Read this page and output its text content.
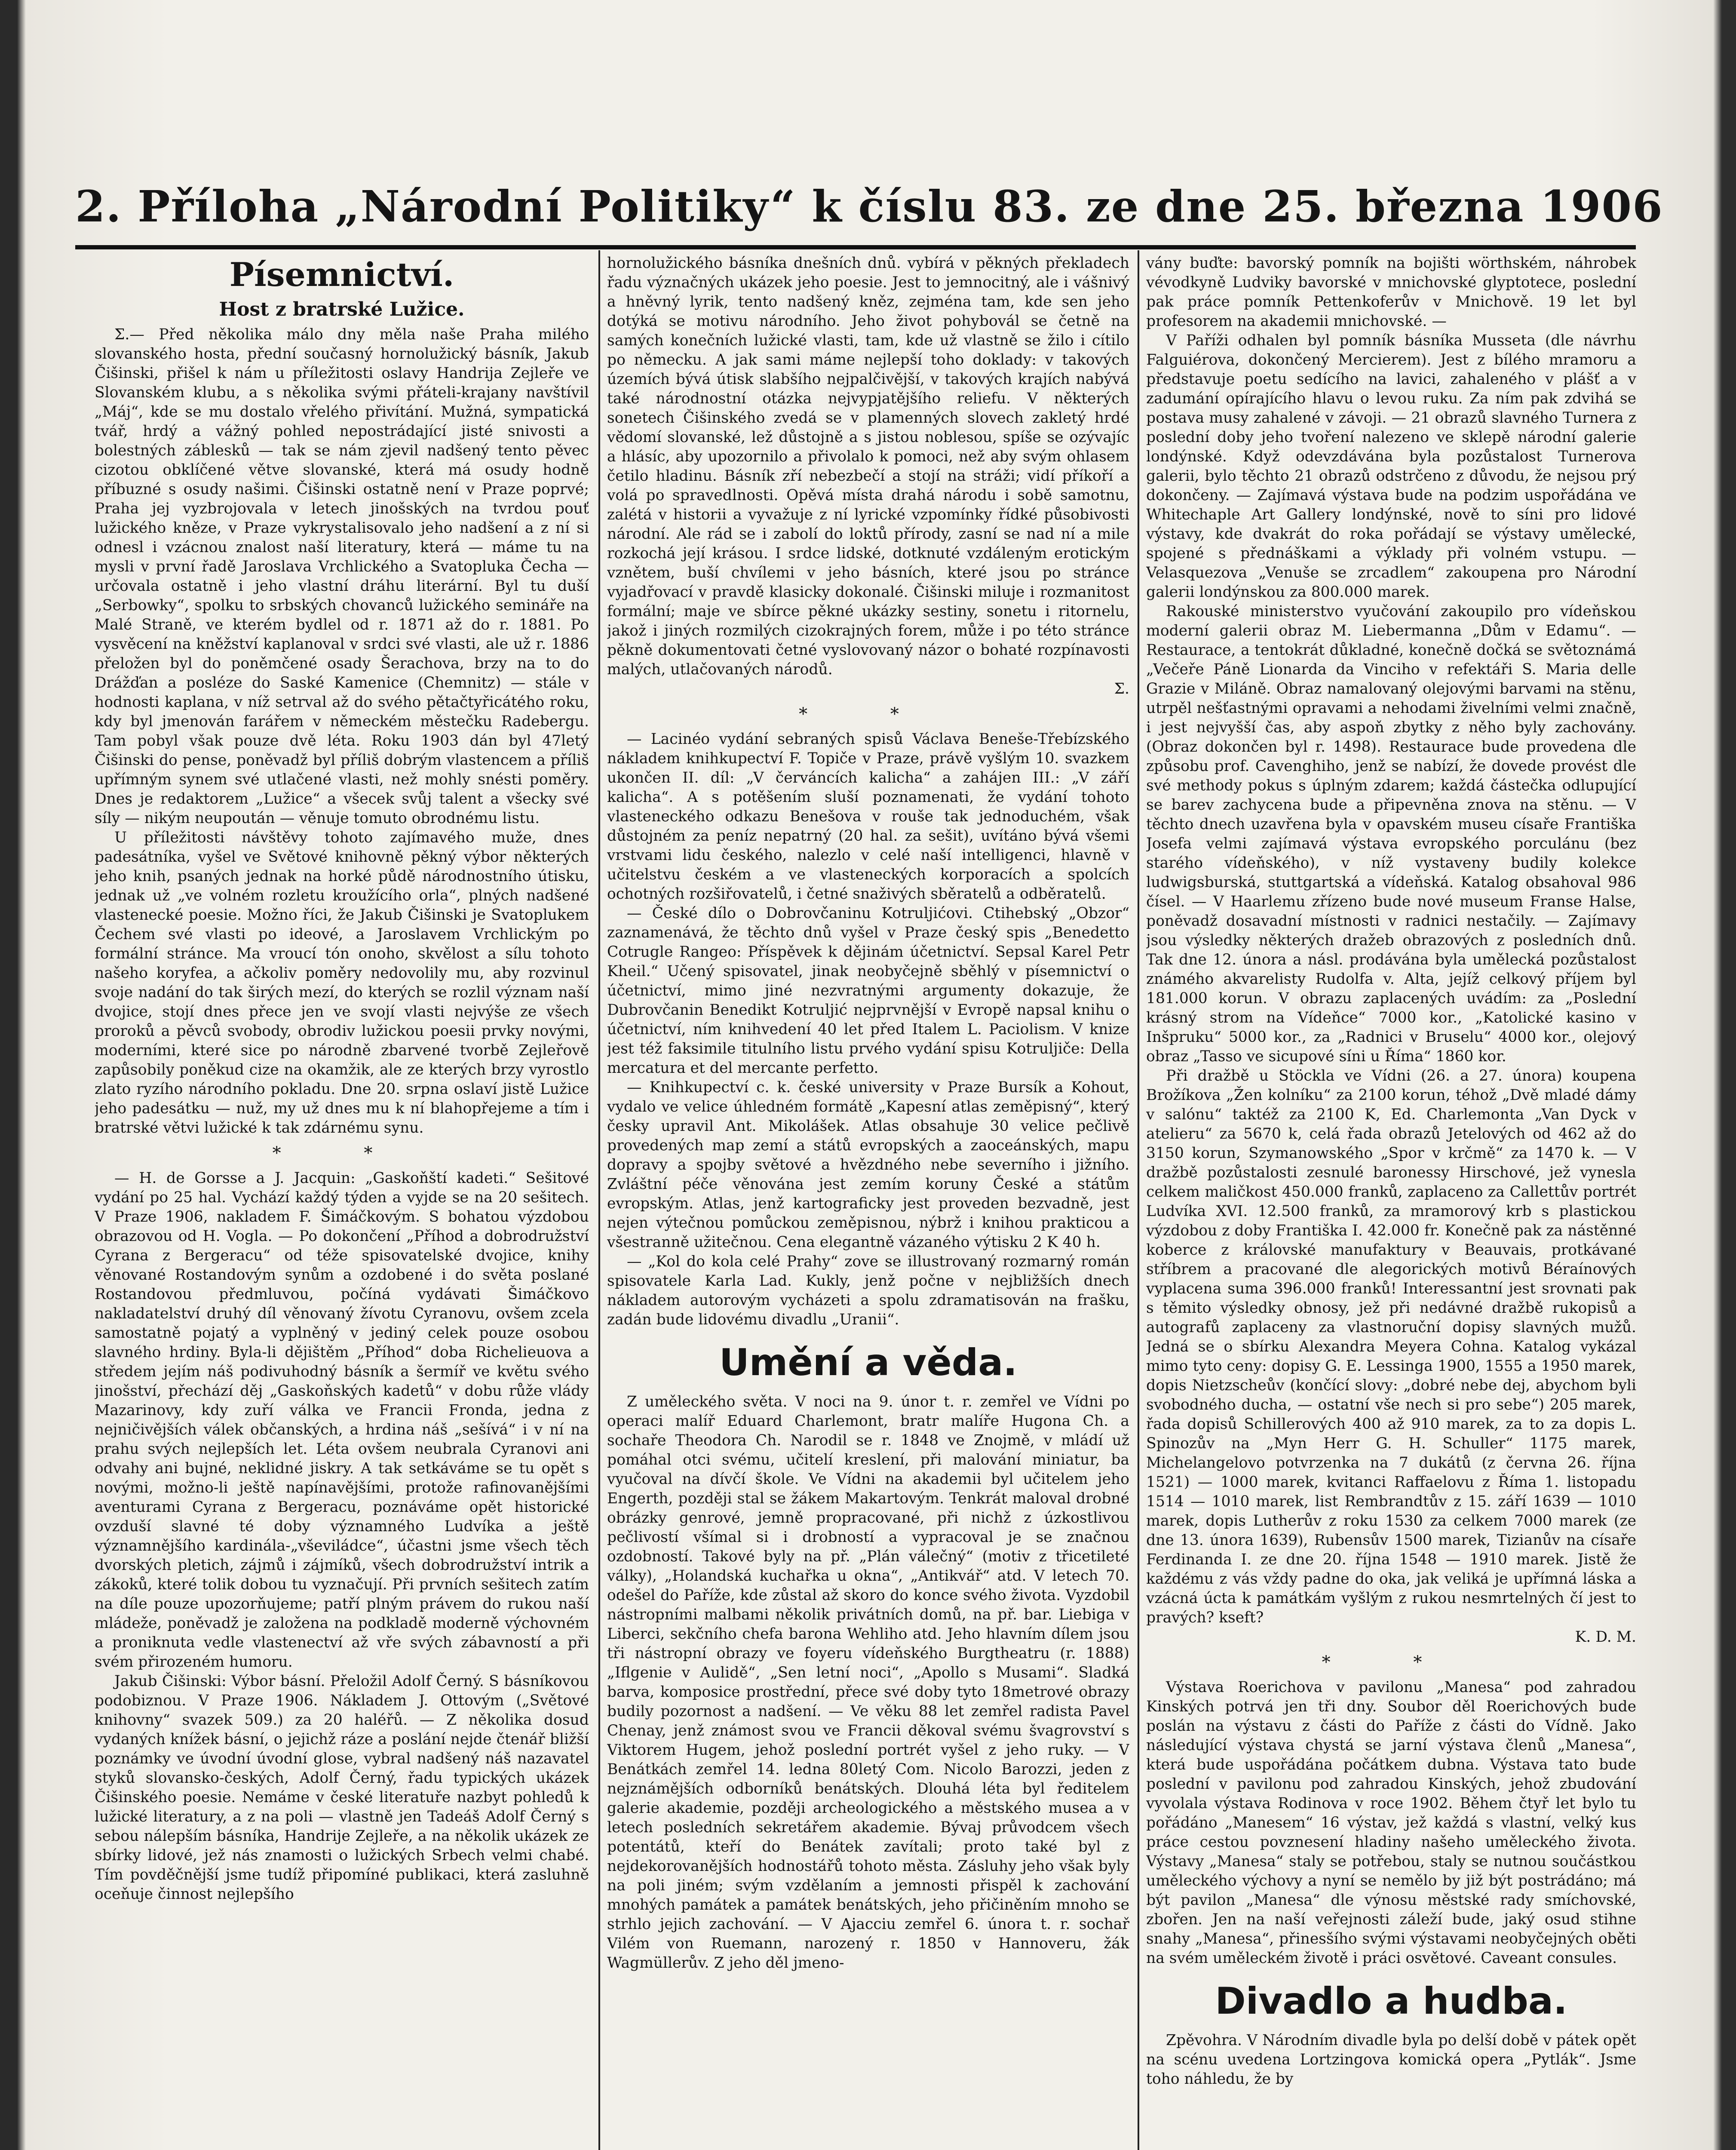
2. Příloha „Národní Politiky“ k číslu 83. ze dne 25. března 1906
Písemnictví.
Host z bratrské Lužice.

Σ.— Před několika málo dny měla naše Praha milého slovanského hosta, přední současný hornolužický básník, Jakub Čišinski, přišel k nám u příležitosti oslavy Handrija Zejleře ve Slovanském klubu, a s několika svými přáteli-krajany navštívil „Máj“, kde se mu dostalo vřelého přivítání. Mužná, sympatická tvář, hrdý a vážný pohled nepostrádající jisté snivosti a bolestných záblesků — tak se nám zjevil nadšený tento pěvec cizotou obklíčené větve slovanské, která má osudy hodně příbuzné s osudy našimi. Čišinski ostatně není v Praze poprvé; Praha jej vyzbrojovala v letech jinošských na tvrdou pouť lužického kněze, v Praze vykrystalisovalo jeho nadšení a z ní si odnesl i vzácnou znalost naší literatury, která — máme tu na mysli v první řadě Jaroslava Vrchlického a Svatopluka Čecha — určovala ostatně i jeho vlastní dráhu literární. Byl tu duší „Serbowky“, spolku to srbských chovanců lužického semináře na Malé Straně, ve kterém bydlel od r. 1871 až do r. 1881. Po vysvěcení na kněžství kaplanoval v srdci své vlasti, ale už r. 1886 přeložen byl do poněmčené osady Šerachova, brzy na to do Drážďan a posléze do Saské Kamenice (Chemnitz) — stále v hodnosti kaplana, v níž setrval až do svého pětačtyřicátého roku, kdy byl jmenován farářem v německém městečku Radebergu. Tam pobyl však pouze dvě léta. Roku 1903 dán byl 47letý Čišinski do pense, poněvadž byl příliš dobrým vlastencem a příliš upřímným synem své utlačené vlasti, než mohly snésti poměry. Dnes je redaktorem „Lužice“ a všecek svůj talent a všecky své síly — nikým neupoután — věnuje tomuto obrodnému listu.

U příležitosti návštěvy tohoto zajímavého muže, dnes padesátníka, vyšel ve Světové knihovně pěkný výbor některých jeho knih, psaných jednak na horké půdě národnostního útisku, jednak už „ve volném rozletu kroužícího orla“, plných nadšené vlastenecké poesie. Možno říci, že Jakub Čišinski je Svatoplukem Čechem své vlasti po ideové, a Jaroslavem Vrchlickým po formální stránce. Ma vroucí tón onoho, skvělost a sílu tohoto našeho koryfea, a ačkoliv poměry nedovolily mu, aby rozvinul svoje nadání do tak širých mezí, do kterých se rozlil význam naší dvojice, stojí dnes přece jen ve svojí vlasti nejvýše ze všech proroků a pěvců svobody, obrodiv lužickou poesii prvky novými, moderními, které sice po národně zbarvené tvorbě Zejleřově zapůsobily poněkud cize na okamžik, ale ze kterých brzy vyrostlo zlato ryzího národního pokladu. Dne 20. srpna oslaví jistě Lužice jeho padesátku — nuž, my už dnes mu k ní blahopřejeme a tím i bratrské větvi lužické k tak zdárnému synu.

* *

— H. de Gorsse a J. Jacquin: „Gaskoňští kadeti.“ Sešitové vydání po 25 hal. Vychází každý týden a vyjde se na 20 sešitech. V Praze 1906, nakladem F. Šimáčkovým. S bohatou výzdobou obrazovou od H. Vogla. — Po dokončení „Příhod a dobrodružství Cyrana z Bergeracu“ od téže spisovatelské dvojice, knihy věnované Rostandovým synům a ozdobené i do světa poslané Rostandovou předmluvou, počíná vydávati Šimáčkovo nakladatelství druhý díl věnovaný žívotu Cyranovu, ovšem zcela samostatně pojatý a vyplněný v jediný celek pouze osobou slavného hrdiny. Byla-li dějištěm „Příhod“ doba Richelieuova a středem jejím náš podivuhodný básník a šermíř ve květu svého jinošství, přechází děj „Gaskoňských kadetů“ v dobu růže vlády Mazarinovy, kdy zuří válka ve Francii Fronda, jedna z nejničivějších válek občanských, a hrdina náš „sešívá“ i v ní na prahu svých nejlepších let. Léta ovšem neubrala Cyranovi ani odvahy ani bujné, neklidné jiskry. A tak setkáváme se tu opět s novými, možno-li ještě napínavějšími, protože rafinovanějšími aventurami Cyrana z Bergeracu, poznáváme opět historické ovzduší slavné té doby významného Ludvíka a ještě významnějšího kardinála-„vševiládce“, účastni jsme všech těch dvorských pletich, zájmů i zájmíků, všech dobrodružství intrik a zákoků, které tolik dobou tu vyznačují. Při prvních sešitech zatím na díle pouze upozorňujeme; patří plným právem do rukou naší mládeže, poněvadž je založena na podkladě moderně výchovném a proniknuta vedle vlastenectví až vře svých zábavností a při svém přirozeném humoru.

Jakub Čišinski: Výbor básní. Přeložil Adolf Černý. S básníkovou podobiznou. V Praze 1906. Nákladem J. Ottovým („Světové knihovny“ svazek 509.) za 20 haléřů. — Z několika dosud vydaných knížek básní, o jejichž ráze a poslání nejde čtenář bližší poznámky ve úvodní úvodní glose, vybral nadšený náš nazavatel styků slovansko-českých, Adolf Černý, řadu typických ukázek Čišinského poesie. Nemáme v české literatuře nazbyt pohledů k lužické literatury, a z na poli — vlastně jen Tadeáš Adolf Černý s sebou nálepším básníka, Handrije Zejleře, a na několik ukázek ze sbírky lidové, jež nás znamosti o lužických Srbech velmi chabé. Tím povděčnější jsme tudíž připomíné publikaci, která zasluhně oceňuje činnost nejlepšího

hornolužického básníka dnešních dnů. vybírá v pěkných překladech řadu význačných ukázek jeho poesie. Jest to jemnocitný, ale i vášnivý a hněvný lyrik, tento nadšený kněz, zejména tam, kde sen jeho dotýká se motivu národního. Jeho život pohybovál se četně na samých konečních lužické vlasti, tam, kde už vlastně se žilo i cítilo po německu. A jak sami máme nejlepší toho doklady: v takových územích bývá útisk slabšího nejpalčivější, v takových krajích nabývá také národnostní otázka nejvypjatějšího reliefu. V některých sonetech Čišinského zvedá se v plamenných slovech zakletý hrdé vědomí slovanské, lež důstojně a s jistou noblesou, spíše se ozývajíc a hlásíc, aby upozornilo a přivolalo k pomoci, než aby svým ohlasem četilo hladinu. Básník zří nebezbečí a stojí na stráži; vidí příkoří a volá po spravedlnosti. Opěvá místa drahá národu i sobě samotnu, zalétá v historii a vyvažuje z ní lyrické vzpomínky řídké působivosti národní. Ale rád se i zabolí do loktů přírody, zasní se nad ní a mile rozkochá její krásou. I srdce lidské, dotknuté vzdáleným erotickým vznětem, buší chvílemi v jeho básních, které jsou po stránce vyjadřovací v pravdě klasicky dokonalé. Čišinski miluje i rozmanitost formální; maje ve sbírce pěkné ukázky sestiny, sonetu i ritornelu, jakož i jiných rozmilých cizokrajných forem, může i po této stránce pěkně dokumentovati četné vyslovovaný názor o bohaté rozpínavosti malých, utlačovaných národů.

Σ.
* *

— Lacinéo vydání sebraných spisů Václava Beneše-Třebízského nákladem knihkupectví F. Topiče v Praze, právě vyšlým 10. svazkem ukončen II. díl: „V červáncích kalicha“ a zahájen III.: „V září kalicha“. A s potěšením sluší poznamenati, že vydání tohoto vlasteneckého odkazu Benešova v rouše tak jednoduchém, však důstojném za peníz nepatrný (20 hal. za sešit), uvítáno bývá všemi vrstvami lidu českého, nalezlo v celé naší intelligenci, hlavně v učitelstvu českém a ve vlasteneckých korporacích a spolcích ochotných rozšiřovatelů, i četné snaživých sběratelů a odběratelů.

— České dílo o Dobrovčaninu Kotruljićovi. Ctihebský „Obzor“ zaznamenává, že těchto dnů vyšel v Praze český spis „Benedetto Cotrugle Rangeo: Příspěvek k dějinám účetnictví. Sepsal Karel Petr Kheil.“ Učený spisovatel, jinak neobyčejně sběhlý v písemnictví o účetnictví, mimo jiné nezvratnými argumenty dokazuje, že Dubrovčanin Benedikt Kotruljić nejprvnější v Evropě napsal knihu o účetnictví, ním knihvedení 40 let před Italem L. Paciolism. V knize jest též faksimile titulního listu prvého vydání spisu Kotruljiče: Della mercatura et del mercante perfetto.

— Knihkupectví c. k. české university v Praze Bursík a Kohout, vydalo ve velice úhledném formátě „Kapesní atlas zeměpisný“, který česky upravil Ant. Mikolášek. Atlas obsahuje 30 velice pečlivě provedených map zemí a států evropských a zaoceánských, mapu dopravy a spojby světové a hvězdného nebe severního i jižního. Zvláštní péče věnována jest zemím koruny České a státům evropským. Atlas, jenž kartograficky jest proveden bezvadně, jest nejen výtečnou pomůckou zeměpisnou, nýbrž i knihou prakticou a všestranně užitečnou. Cena elegantně vázaného výtisku 2 K 40 h.

— „Kol do kola celé Prahy“ zove se illustrovaný rozmarný román spisovatele Karla Lad. Kukly, jenž počne v nejbližších dnech nákladem autorovým vycházeti a spolu zdramatisován na frašku, zadán bude lidovému divadlu „Uranii“.

Umění a věda.

Z uměleckého světa. V noci na 9. únor t. r. zemřel ve Vídni po operaci malíř Eduard Charlemont, bratr malíře Hugona Ch. a sochaře Theodora Ch. Narodil se r. 1848 ve Znojmě, v mládí už pomáhal otci svému, učitelí kreslení, při malování miniatur, ba vyučoval na dívčí škole. Ve Vídni na akademii byl učitelem jeho Engerth, později stal se žákem Makartovým. Tenkrát maloval drobné obrázky genrové, jemně propracované, při nichž z úzkostlivou pečlivostí všímal si i drobností a vypracoval je se značnou ozdobností. Takové byly na př. „Plán válečný“ (motiv z třicetileté války), „Holandská kuchařka u okna“, „Antikvář“ atd. V letech 70. odešel do Paříže, kde zůstal až skoro do konce svého života. Vyzdobil nástropními malbami několik privátních domů, na př. bar. Liebiga v Liberci, sekčního chefa barona Wehliho atd. Jeho hlavním dílem jsou tři nástropní obrazy ve foyeru vídeňského Burgtheatru (r. 1888) „Iflgenie v Aulidě“, „Sen letní noci“, „Apollo s Musami“. Sladká barva, komposice prostřední, přece své doby tyto 18metrové obrazy budily pozornost a nadšení. — Ve věku 88 let zemřel radista Pavel Chenay, jenž známost svou ve Francii děkoval svému švagrovství s Viktorem Hugem, jehož poslední portrét vyšel z jeho ruky. — V Benátkách zemřel 14. ledna 80letý Com. Nicolo Barozzi, jeden z nejznámějších odborníků benátských. Dlouhá léta byl ředitelem galerie akademie, později archeologického a městského musea a v letech posledních sekretářem akademie. Bývaj průvodcem všech potentátů, kteří do Benátek zavítali; proto také byl z nejdekorovanějších hodnostářů tohoto města. Zásluhy jeho však byly na poli jiném; svým vzdělaním a jemnosti přispěl k zachování mnohých památek a památek benátských, jeho přičiněním mnoho se strhlo jejich zachování. — V Ajacciu zemřel 6. února t. r. sochař Vilém von Ruemann, narozený r. 1850 v Hannoveru, žák Wagmüllerův. Z jeho děl jmeno-

vány buďte: bavorský pomník na bojišti wörthském, náhrobek vévodkyně Ludviky bavorské v mnichovské glyptotece, poslední pak práce pomník Pettenkoferův v Mnichově. 19 let byl profesorem na akademii mnichovské. —

V Paříži odhalen byl pomník básníka Musseta (dle návrhu Falguiérova, dokončený Mercierem). Jest z bílého mramoru a představuje poetu sedícího na lavici, zahaleného v plášť a v zadumání opírajícího hlavu o levou ruku. Za ním pak zdvihá se postava musy zahalené v závoji. — 21 obrazů slavného Turnera z poslední doby jeho tvoření nalezeno ve sklepě národní galerie londýnské. Když odevzdávána byla pozůstalost Turnerova galerii, bylo těchto 21 obrazů odstrčeno z důvodu, že nejsou prý dokončeny. — Zajímavá výstava bude na podzim uspořádána ve Whitechaple Art Gallery londýnské, nově to síni pro lidové výstavy, kde dvakrát do roka pořádají se výstavy umělecké, spojené s přednáškami a výklady při volném vstupu. — Velasquezova „Venuše se zrcadlem“ zakoupena pro Národní galerii londýnskou za 800.000 marek.

Rakouské ministerstvo vyučování zakoupilo pro vídeňskou moderní galerii obraz M. Liebermanna „Dům v Edamu“. — Restaurace, a tentokrát důkladné, konečně dočká se světoznámá „Večeře Páně Lionarda da Vinciho v refektáři S. Maria delle Grazie v Miláně. Obraz namalovaný olejovými barvami na stěnu, utrpěl nešťastnými opravami a nehodami živelními velmi značně, i jest nejvyšší čas, aby aspoň zbytky z něho byly zachovány. (Obraz dokončen byl r. 1498). Restaurace bude provedena dle způsobu prof. Cavenghiho, jenž se nabízí, že dovede provést dle své methody pokus s úplným zdarem; každá částečka odlupující se barev zachycena bude a připevněna znova na stěnu. — V těchto dnech uzavřena byla v opavském museu císaře Františka Josefa velmi zajímavá výstava evropského porculánu (bez starého vídeňského), v níž vystaveny budily kolekce ludwigsburská, stuttgartská a vídeňská. Katalog obsahoval 986 čísel. — V Haarlemu zřízeno bude nové museum Franse Halse, poněvadž dosavadní místnosti v radnici nestačily. — Zajímavy jsou výsledky některých dražeb obrazových z posledních dnů. Tak dne 12. února a násl. prodávána byla umělecká pozůstalost známého akvarelisty Rudolfa v. Alta, jejíž celkový příjem byl 181.000 korun. V obrazu zaplacených uvádím: za „Poslední krásný strom na Vídeňce“ 7000 kor., „Katolické kasino v Inšpruku“ 5000 kor., za „Radnici v Bruselu“ 4000 kor., olejový obraz „Tasso ve sicupové síni u Říma“ 1860 kor.

Při dražbě u Stöckla ve Vídni (26. a 27. února) koupena Brožíkova „Žen kolníku“ za 2100 korun, téhož „Dvě mladé dámy v salónu“ taktéž za 2100 K, Ed. Charlemonta „Van Dyck v atelieru“ za 5670 k, celá řada obrazů Jetelových od 462 až do 3150 korun, Szymanowského „Spor v krčmě“ za 1470 k. — V dražbě pozůstalosti zesnulé baronessy Hirschové, jež vynesla celkem maličkost 450.000 franků, zaplaceno za Callettův portrét Ludvíka XVI. 12.500 franků, za mramorový krb s plastickou výzdobou z doby Františka I. 42.000 fr. Konečně pak za nástěnné koberce z královské manufaktury v Beauvais, protkávané stříbrem a pracované dle alegorických motivů Béraínových vyplacena suma 396.000 franků! Interessantní jest srovnati pak s těmito výsledky obnosy, jež při nedávné dražbě rukopisů a autografů zaplaceny za vlastnoruční dopisy slavných mužů. Jedná se o sbírku Alexandra Meyera Cohna. Katalog vykázal mimo tyto ceny: dopisy G. E. Lessinga 1900, 1555 a 1950 marek, dopis Nietzscheův (končící slovy: „dobré nebe dej, abychom byli svobodného ducha, — ostatní vše nech si pro sebe“) 205 marek, řada dopisů Schillerových 400 až 910 marek, za to za dopis L. Spinozův na „Myn Herr G. H. Schuller“ 1175 marek, Michelangelovo potvrzenka na 7 dukátů (z června 26. října 1521) — 1000 marek, kvitanci Raffaelovu z Říma 1. listopadu 1514 — 1010 marek, list Rembrandtův z 15. září 1639 — 1010 marek, dopis Lutherův z roku 1530 za celkem 7000 marek (ze dne 13. února 1639), Rubensův 1500 marek, Tizianův na císaře Ferdinanda I. ze dne 20. října 1548 — 1910 marek. Jistě že každému z vás vždy padne do oka, jak veliká je upřímná láska a vzácná úcta k památkám vyšlým z rukou nesmrtelných čí jest to pravých? kseft?

K. D. M.
* *

Výstava Roerichova v pavilonu „Manesa“ pod zahradou Kinských potrvá jen tři dny. Soubor děl Roerichových bude poslán na výstavu z části do Paříže z části do Vídně. Jako následující výstava chystá se jarní výstava členů „Manesa“, která bude uspořádána počátkem dubna. Výstava tato bude poslední v pavilonu pod zahradou Kinských, jehož zbudování vyvolala výstava Rodinova v roce 1902. Během čtyř let bylo tu pořádáno „Manesem“ 16 výstav, jež každá s vlastní, velký kus práce cestou povznesení hladiny našeho uměleckého života. Výstavy „Manesa“ staly se potřebou, staly se nutnou součástkou uměleckého výchovy a nyní se nemělo by již být postrádáno; má být pavilon „Manesa“ dle výnosu městské rady smíchovské, zbořen. Jen na naší veřejnosti záleží bude, jaký osud stihne snahy „Manesa“, přinesšího svými výstavami neobyčejných oběti na svém uměleckém životě i práci osvětové. Caveant consules.

Divadlo a hudba.

Zpěvohra. V Národním divadle byla po delší době v pátek opět na scénu uvedena Lortzingova komická opera „Pytlák“. Jsme toho náhledu, že by
